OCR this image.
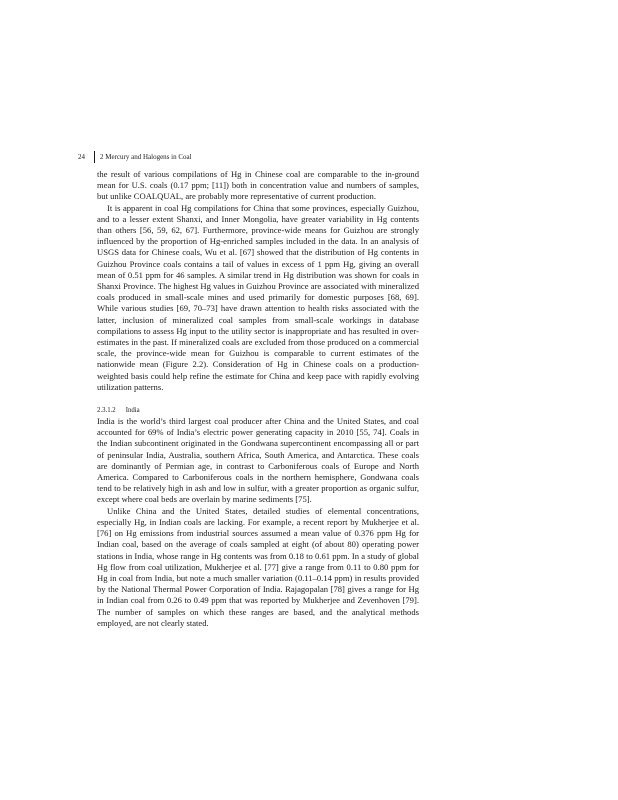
24 2 Mercury and Halogens in Coal

the result of various compilations of Hg in Chinese coal are comparable to the in-ground mean for U.S. coals (0.17 ppm; [11]) both in concentration value and numbers of samples, but unlike COALQUAL, are probably more representative of current production.

It is apparent in coal Hg compilations for China that some provinces, especially Guizhou, and to a lesser extent Shanxi, and Inner Mongolia, have greater variability in Hg contents than others [56, 59, 62, 67]. Furthermore, province-wide means for Guizhou are strongly influenced by the proportion of Hg-enriched samples included in the data. In an analysis of USGS data for Chinese coals, Wu et al. [67] showed that the distribution of Hg contents in Guizhou Province coals contains a tail of values in excess of 1 ppm Hg, giving an overall mean of 0.51 ppm for 46 samples. A similar trend in Hg distribution was shown for coals in Shanxi Province. The highest Hg values in Guizhou Province are associated with mineralized coals produced in small-scale mines and used primarily for domestic purposes [68, 69]. While various studies [69, 70–73] have drawn attention to health risks associated with the latter, inclusion of mineralized coal samples from small-scale workings in database compilations to assess Hg input to the utility sector is inappropriate and has resulted in over-estimates in the past. If mineralized coals are excluded from those produced on a commercial scale, the province-wide mean for Guizhou is comparable to current estimates of the nationwide mean (Figure 2.2). Consideration of Hg in Chinese coals on a production-weighted basis could help refine the estimate for China and keep pace with rapidly evolving utilization patterns.

2.3.1.2 India

India is the world’s third largest coal producer after China and the United States, and coal accounted for 69% of India’s electric power generating capacity in 2010 [55, 74]. Coals in the Indian subcontinent originated in the Gondwana supercontinent encompassing all or part of peninsular India, Australia, southern Africa, South America, and Antarctica. These coals are dominantly of Permian age, in contrast to Carboniferous coals of Europe and North America. Compared to Carboniferous coals in the northern hemisphere, Gondwana coals tend to be relatively high in ash and low in sulfur, with a greater proportion as organic sulfur, except where coal beds are overlain by marine sediments [75].

Unlike China and the United States, detailed studies of elemental concentrations, especially Hg, in Indian coals are lacking. For example, a recent report by Mukherjee et al. [76] on Hg emissions from industrial sources assumed a mean value of 0.376 ppm Hg for Indian coal, based on the average of coals sampled at eight (of about 80) operating power stations in India, whose range in Hg contents was from 0.18 to 0.61 ppm. In a study of global Hg flow from coal utilization, Mukherjee et al. [77] give a range from 0.11 to 0.80 ppm for Hg in coal from India, but note a much smaller variation (0.11–0.14 ppm) in results provided by the National Thermal Power Corporation of India. Rajagopalan [78] gives a range for Hg in Indian coal from 0.26 to 0.49 ppm that was reported by Mukherjee and Zevenhoven [79]. The number of samples on which these ranges are based, and the analytical methods employed, are not clearly stated.
